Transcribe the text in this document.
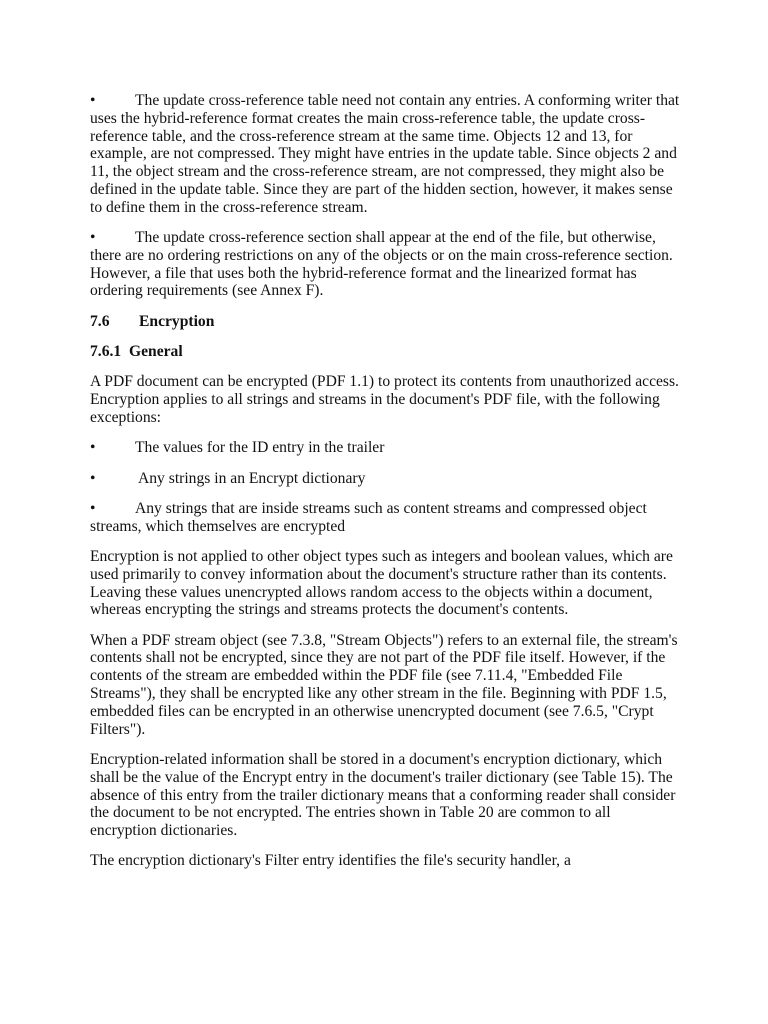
•	The update cross-reference table need not contain any entries. A conforming writer that uses the hybrid-reference format creates the main cross-reference table, the update cross-reference table, and the cross-reference stream at the same time. Objects 12 and 13, for example, are not compressed. They might have entries in the update table. Since objects 2 and 11, the object stream and the cross-reference stream, are not compressed, they might also be defined in the update table. Since they are part of the hidden section, however, it makes sense to define them in the cross-reference stream.

•	The update cross-reference section shall appear at the end of the file, but otherwise, there are no ordering restrictions on any of the objects or on the main cross-reference section. However, a file that uses both the hybrid-reference format and the linearized format has ordering requirements (see Annex F).

7.6 Encryption
7.6.1 General

A PDF document can be encrypted (PDF 1.1) to protect its contents from unauthorized access. Encryption applies to all strings and streams in the document's PDF file, with the following exceptions:

•	The values for the ID entry in the trailer

•	Any strings in an Encrypt dictionary

•	Any strings that are inside streams such as content streams and compressed object streams, which themselves are encrypted

Encryption is not applied to other object types such as integers and boolean values, which are used primarily to convey information about the document's structure rather than its contents. Leaving these values unencrypted allows random access to the objects within a document, whereas encrypting the strings and streams protects the document's contents.

When a PDF stream object (see 7.3.8, "Stream Objects") refers to an external file, the stream's contents shall not be encrypted, since they are not part of the PDF file itself. However, if the contents of the stream are embedded within the PDF file (see 7.11.4, "Embedded File Streams"), they shall be encrypted like any other stream in the file. Beginning with PDF 1.5, embedded files can be encrypted in an otherwise unencrypted document (see 7.6.5, "Crypt Filters").

Encryption-related information shall be stored in a document's encryption dictionary, which shall be the value of the Encrypt entry in the document's trailer dictionary (see Table 15). The absence of this entry from the trailer dictionary means that a conforming reader shall consider the document to be not encrypted. The entries shown in Table 20 are common to all encryption dictionaries.

The encryption dictionary's Filter entry identifies the file's security handler, a
